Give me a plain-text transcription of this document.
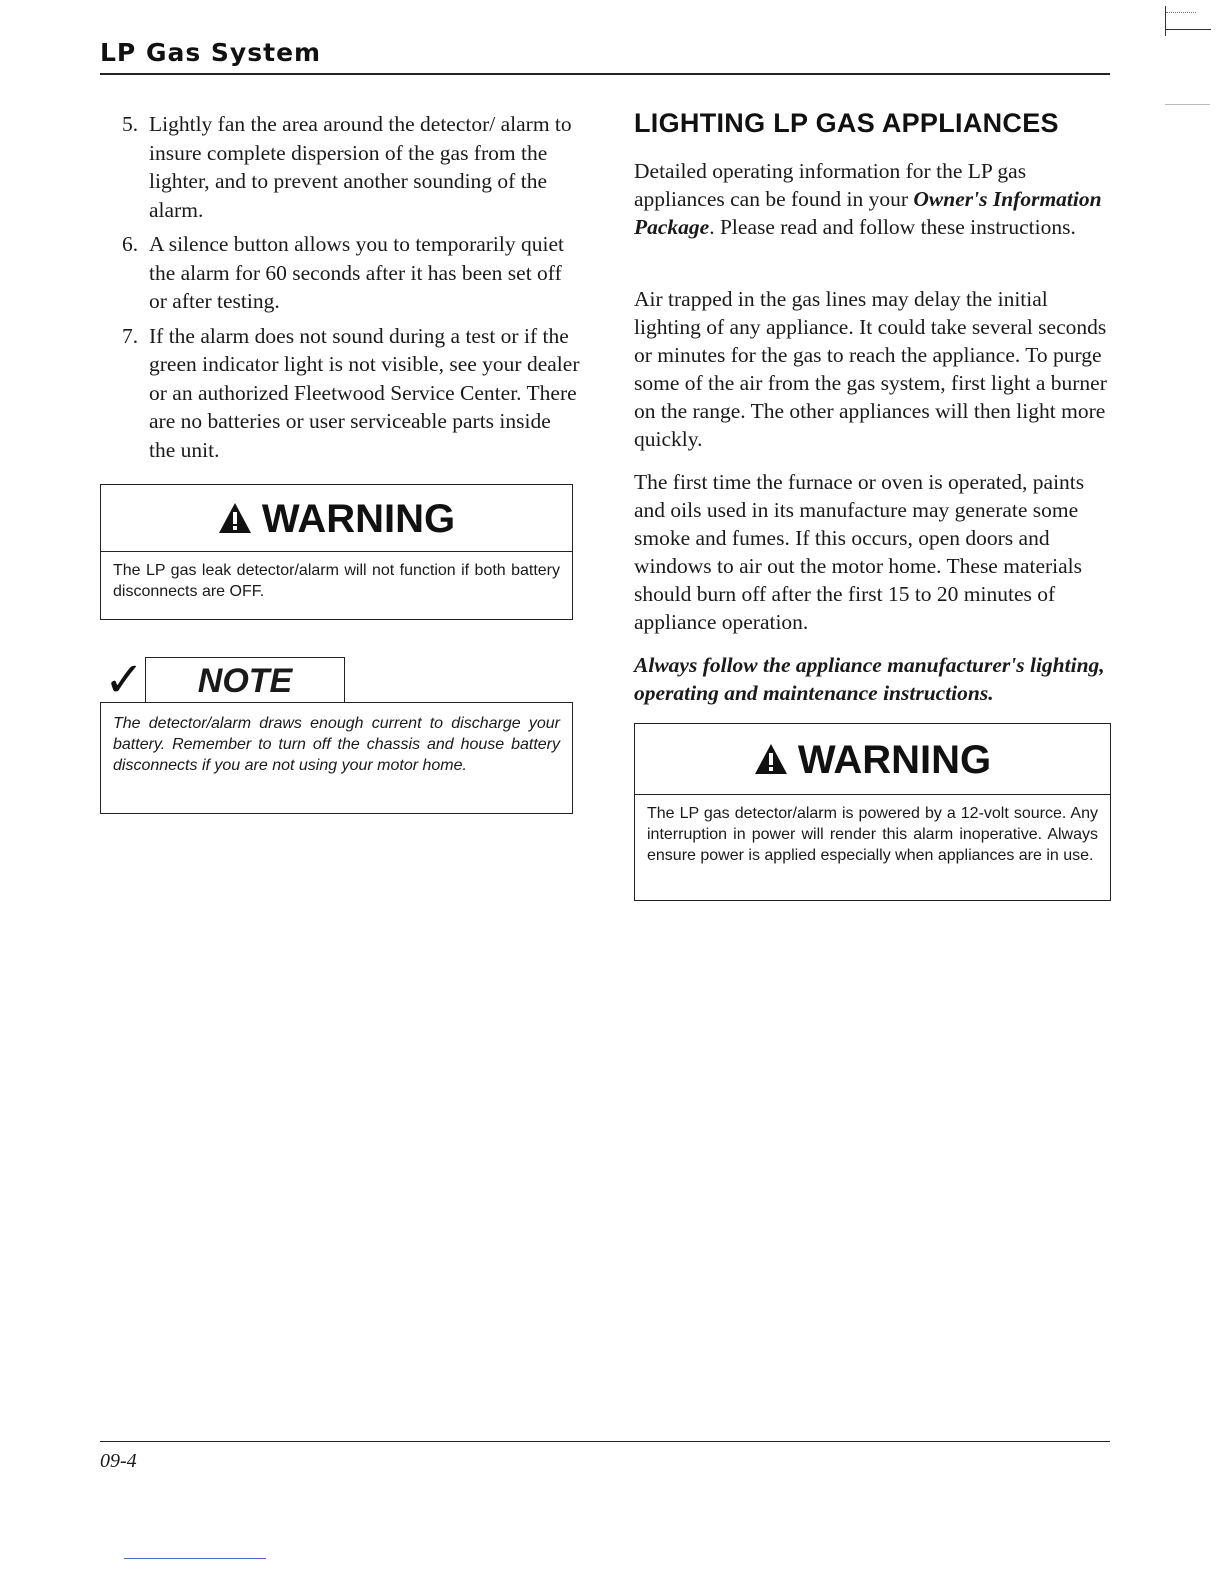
LP Gas System
5. Lightly fan the area around the detector/ alarm to insure complete dispersion of the gas from the lighter, and to prevent another sounding of the alarm.
6. A silence button allows you to temporarily quiet the alarm for 60 seconds after it has been set off or after testing.
7. If the alarm does not sound during a test or if the green indicator light is not visible, see your dealer or an authorized Fleetwood Service Center. There are no batteries or user serviceable parts inside the unit.
WARNING
The LP gas leak detector/alarm will not function if both battery disconnects are OFF.
✓	NOTE
The detector/alarm draws enough current to discharge your battery. Remember to turn off the chassis and house battery disconnects if you are not using your motor home.
LIGHTING LP GAS APPLIANCES

Detailed operating information for the LP gas appliances can be found in your Owner's Information Package. Please read and follow these instructions.

Air trapped in the gas lines may delay the initial lighting of any appliance. It could take several seconds or minutes for the gas to reach the appliance. To purge some of the air from the gas system, first light a burner on the range. The other appliances will then light more quickly.

The first time the furnace or oven is operated, paints and oils used in its manufacture may generate some smoke and fumes. If this occurs, open doors and windows to air out the motor home. These materials should burn off after the first 15 to 20 minutes of appliance operation.

Always follow the appliance manufacturer's lighting, operating and maintenance instructions.

WARNING
The LP gas detector/alarm is powered by a 12-volt source. Any interruption in power will render this alarm inoperative. Always ensure power is applied especially when appliances are in use.
09-4
